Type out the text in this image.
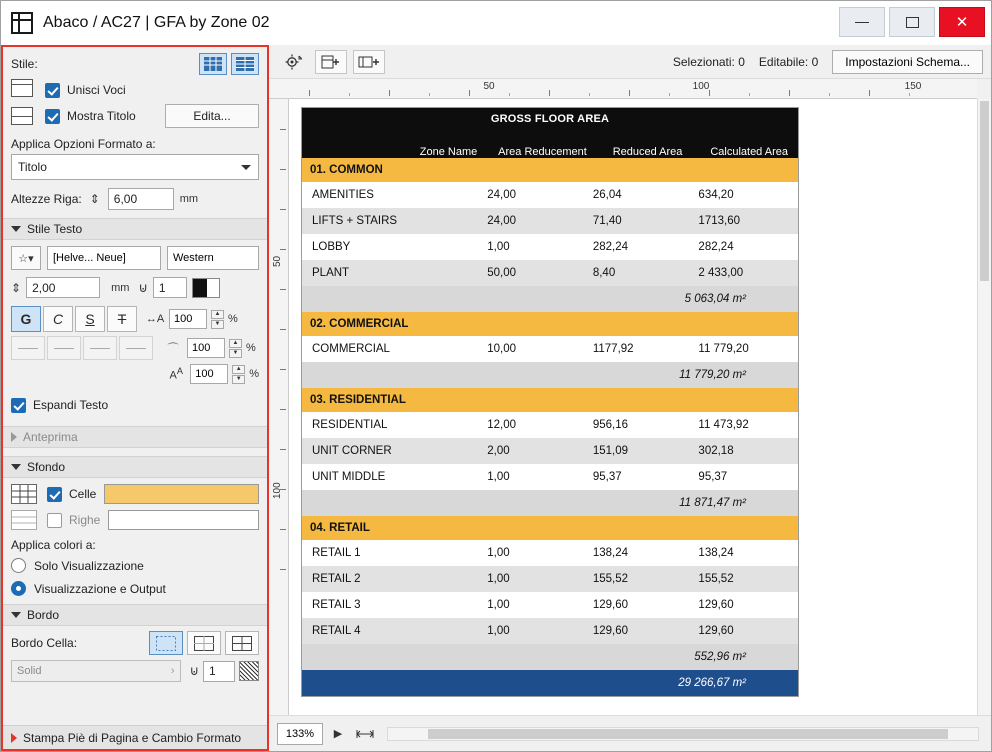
Abaco / AC27 | GFA by Zone 02	✕
Stile:
Unisci Voci
Mostra Titolo	Edita...
Applica Opzioni Formato a:
Titolo
Altezze Riga: ⇕	6,00	mm
Stile Testo
☆▾	[Helve... Neue]	Western
⇕ 2,00	mm ⊍ 1
G	C	S	T	↔A 100	▲
▼ %
⌒	100	▲
▼ %
$A^A$	100	▲
▼ %
Espandi Testo
Anteprima
Sfondo
Celle
Righe
Applica colori a:
Solo Visualizzazione
Visualizzazione e Output
Bordo
Bordo Cella:
Solid	› ⊍ 1
Stampa Piè di Pagina e Cambio Formato
Selezionati: 0 Editabile: 0	Impostazioni Schema...
50	100	150
50
100
GROSS FLOOR AREA			
Zone Name	Area Reducement	Reduced Area	Calculated Area
01. COMMON			
AMENITIES	24,00	26,04	634,20
LIFTS + STAIRS	24,00	71,40	1713,60
LOBBY	1,00	282,24	282,24
PLANT	50,00	8,40	2 433,00
5 063,04 m²			
02. COMMERCIAL			
COMMERCIAL	10,00	1177,92	11 779,20
11 779,20 m²			
03. RESIDENTIAL			
RESIDENTIAL	12,00	956,16	11 473,92
UNIT CORNER	2,00	151,09	302,18
UNIT MIDDLE	1,00	95,37	95,37
11 871,47 m²			
04. RETAIL			
RETAIL 1	1,00	138,24	138,24
RETAIL 2	1,00	155,52	155,52
RETAIL 3	1,00	129,60	129,60
RETAIL 4	1,00	129,60	129,60
552,96 m²			
29 266,67 m²			
133%	▶
